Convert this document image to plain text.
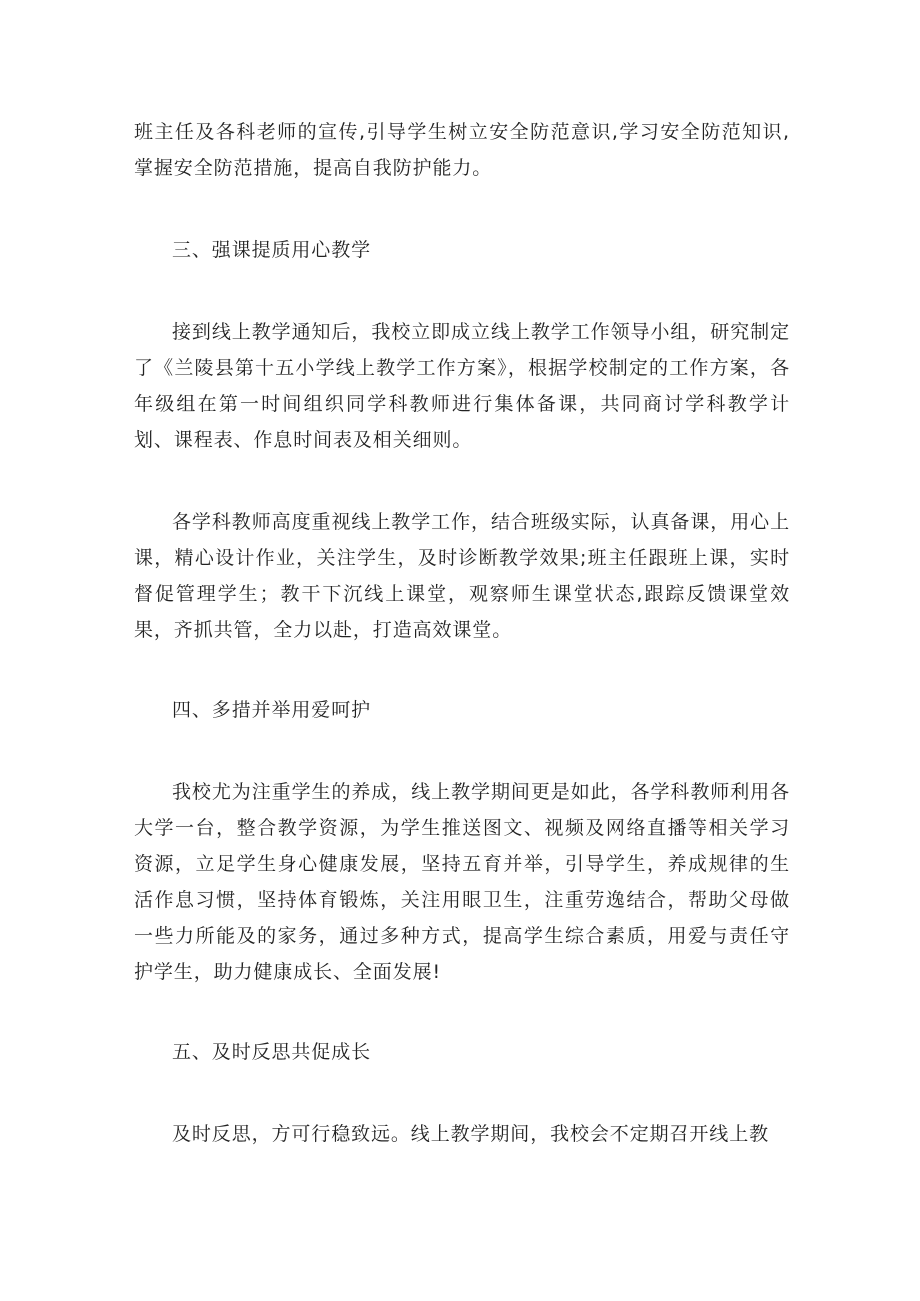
班主任及各科老师的宣传,引导学生树立安全防范意识,学习安全防范知识,掌握安全防范措施，提高自我防护能力。

三、强课提质用心教学

接到线上教学通知后，我校立即成立线上教学工作领导小组，研究制定了《兰陵县第十五小学线上教学工作方案》，根据学校制定的工作方案，各年级组在第一时间组织同学科教师进行集体备课，共同商讨学科教学计划、课程表、作息时间表及相关细则。

各学科教师高度重视线上教学工作，结合班级实际，认真备课，用心上课，精心设计作业，关注学生，及时诊断教学效果;班主任跟班上课，实时督促管理学生；教干下沉线上课堂，观察师生课堂状态,跟踪反馈课堂效果，齐抓共管，全力以赴，打造高效课堂。

四、多措并举用爱呵护

我校尤为注重学生的养成，线上教学期间更是如此，各学科教师利用各大学一台，整合教学资源，为学生推送图文、视频及网络直播等相关学习资源，立足学生身心健康发展，坚持五育并举，引导学生，养成规律的生活作息习惯，坚持体育锻炼，关注用眼卫生，注重劳逸结合，帮助父母做一些力所能及的家务，通过多种方式，提高学生综合素质，用爱与责任守护学生，助力健康成长、全面发展!

五、及时反思共促成长

及时反思，方可行稳致远。线上教学期间，我校会不定期召开线上教
